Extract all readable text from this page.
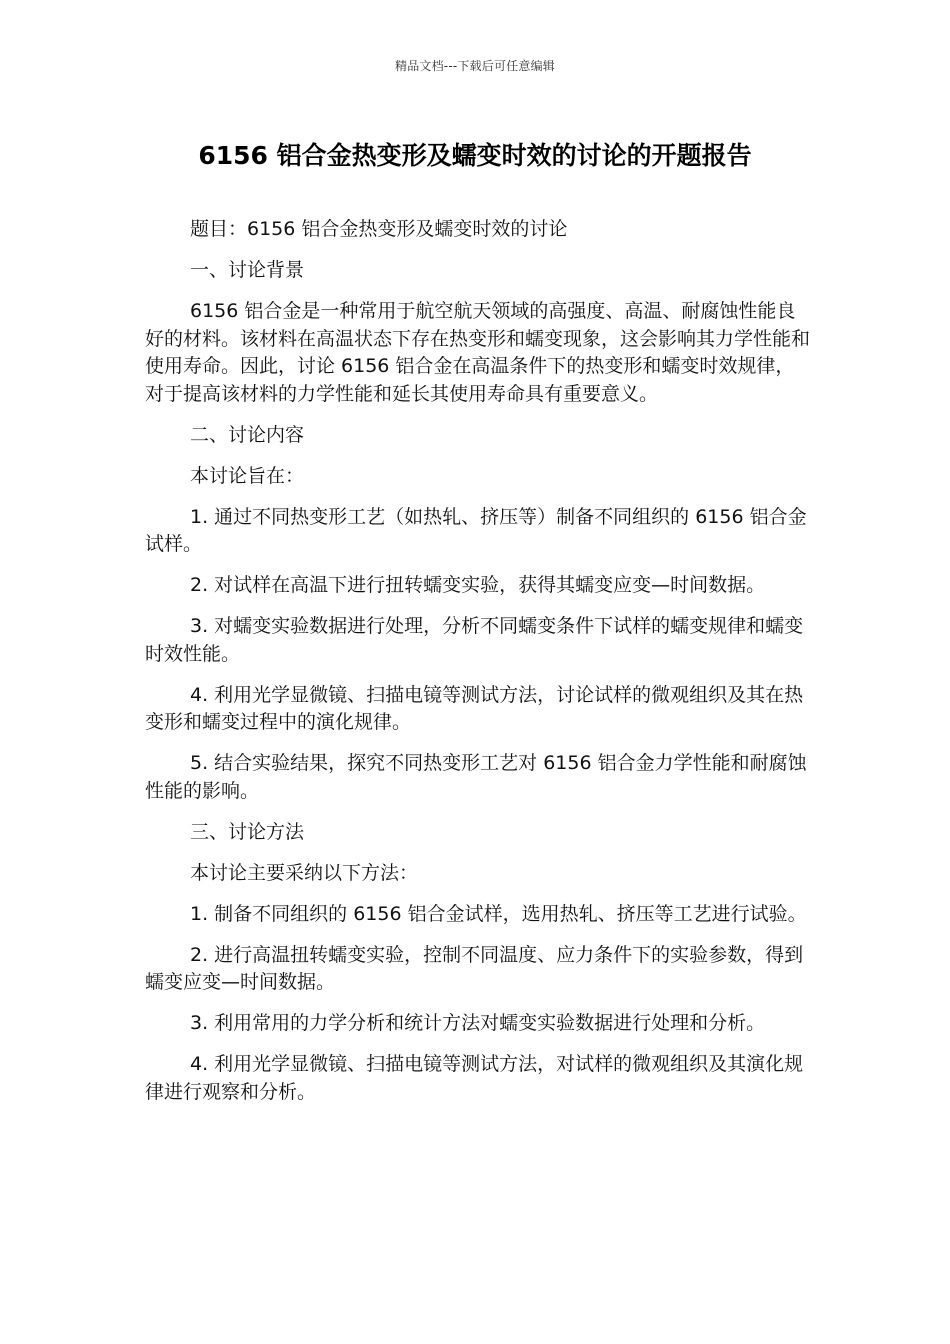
精品文档---下载后可任意编辑
6156 铝合金热变形及蠕变时效的讨论的开题报告

题目：6156 铝合金热变形及蠕变时效的讨论

一、讨论背景

6156 铝合金是一种常用于航空航天领域的高强度、高温、耐腐蚀性能良好的材料。该材料在高温状态下存在热变形和蠕变现象，这会影响其力学性能和使用寿命。因此，讨论 6156 铝合金在高温条件下的热变形和蠕变时效规律，对于提高该材料的力学性能和延长其使用寿命具有重要意义。

二、讨论内容

本讨论旨在：

1. 通过不同热变形工艺（如热轧、挤压等）制备不同组织的 6156 铝合金试样。

2. 对试样在高温下进行扭转蠕变实验，获得其蠕变应变—时间数据。

3. 对蠕变实验数据进行处理，分析不同蠕变条件下试样的蠕变规律和蠕变时效性能。

4. 利用光学显微镜、扫描电镜等测试方法，讨论试样的微观组织及其在热变形和蠕变过程中的演化规律。

5. 结合实验结果，探究不同热变形工艺对 6156 铝合金力学性能和耐腐蚀性能的影响。

三、讨论方法

本讨论主要采纳以下方法：

1. 制备不同组织的 6156 铝合金试样，选用热轧、挤压等工艺进行试验。

2. 进行高温扭转蠕变实验，控制不同温度、应力条件下的实验参数，得到蠕变应变—时间数据。

3. 利用常用的力学分析和统计方法对蠕变实验数据进行处理和分析。

4. 利用光学显微镜、扫描电镜等测试方法，对试样的微观组织及其演化规律进行观察和分析。
